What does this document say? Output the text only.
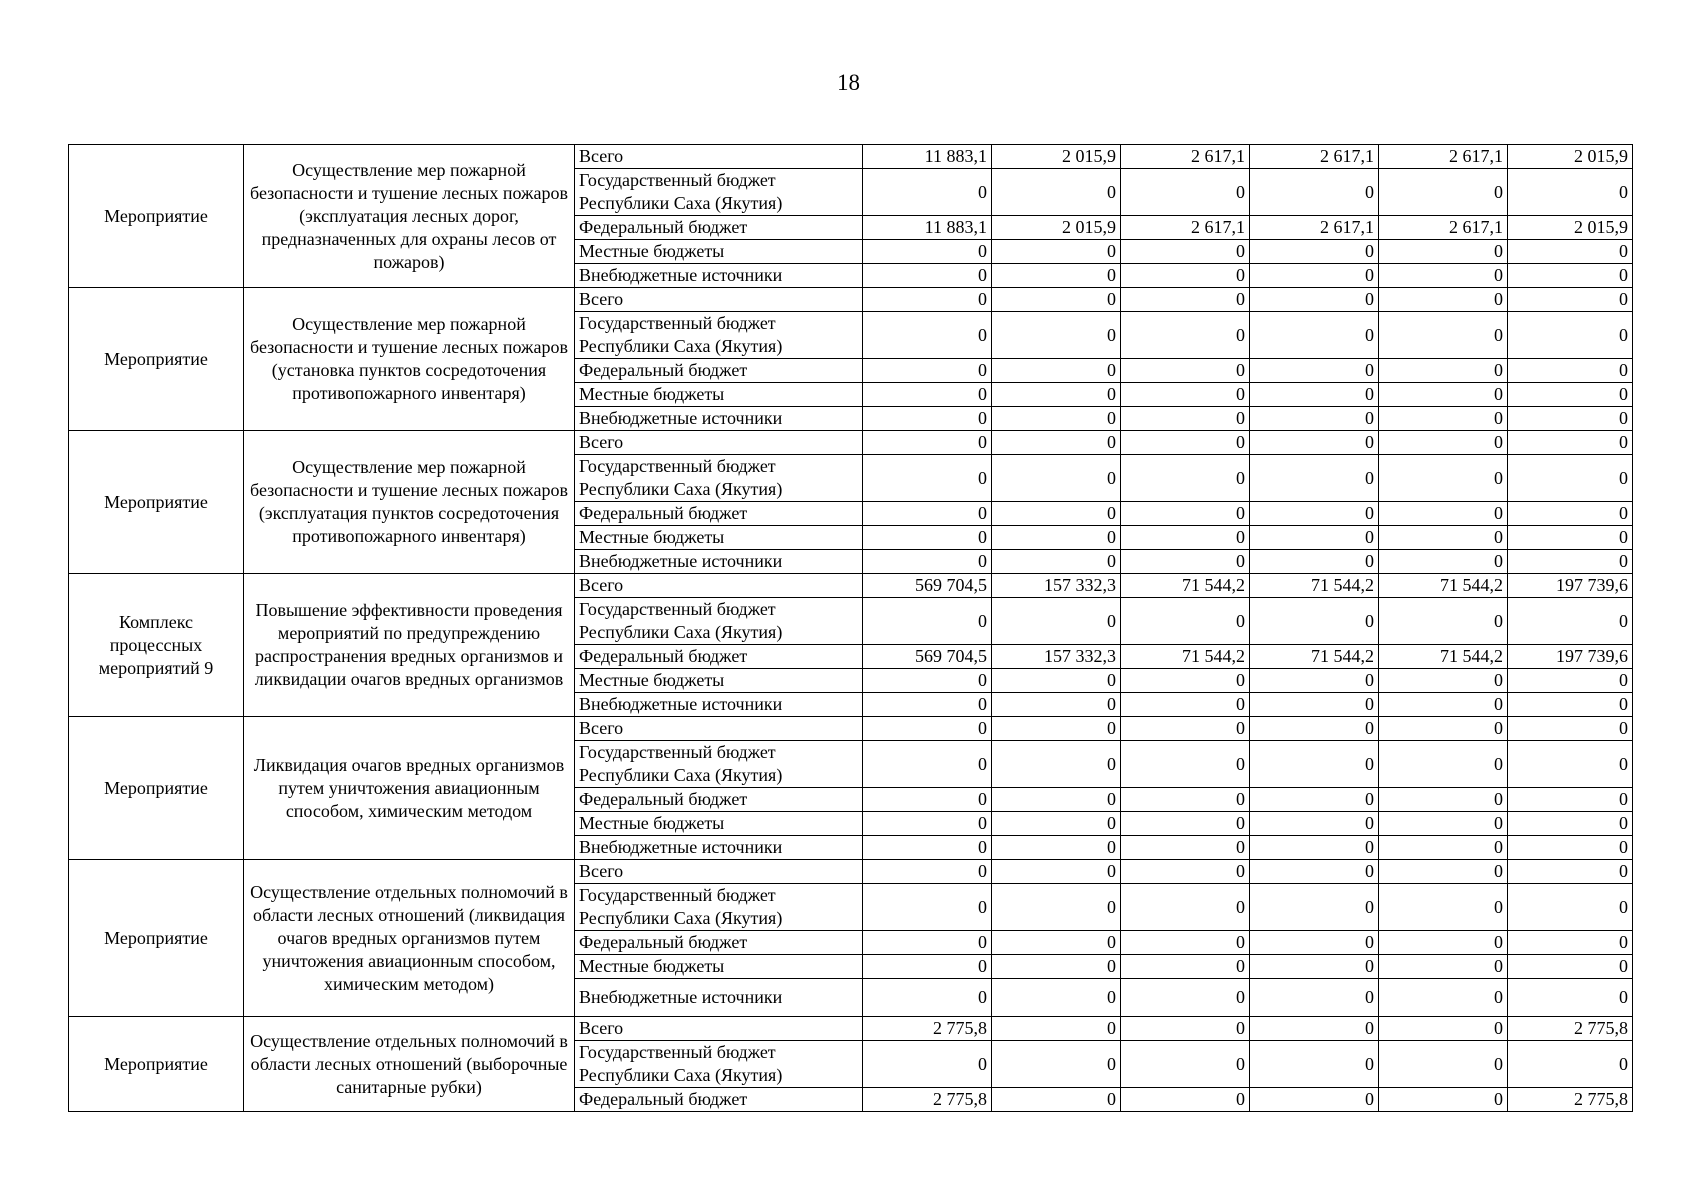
18
Мероприятие	Осуществление мер пожарной безопасности и тушение лесных пожаров (эксплуатация лесных дорог, предназначенных для охраны лесов от пожаров)	Всего	11 883,1	2 015,9	2 617,1	2 617,1	2 617,1	2 015,9
		Государственный бюджет Республики Саха (Якутия)	0	0	0	0	0	0
		Федеральный бюджет	11 883,1	2 015,9	2 617,1	2 617,1	2 617,1	2 015,9
		Местные бюджеты	0	0	0	0	0	0
		Внебюджетные источники	0	0	0	0	0	0
Мероприятие	Осуществление мер пожарной безопасности и тушение лесных пожаров (установка пунктов сосредоточения противопожарного инвентаря)	Всего	0	0	0	0	0	0
		Государственный бюджет Республики Саха (Якутия)	0	0	0	0	0	0
		Федеральный бюджет	0	0	0	0	0	0
		Местные бюджеты	0	0	0	0	0	0
		Внебюджетные источники	0	0	0	0	0	0
Мероприятие	Осуществление мер пожарной безопасности и тушение лесных пожаров (эксплуатация пунктов сосредоточения противопожарного инвентаря)	Всего	0	0	0	0	0	0
		Государственный бюджет Республики Саха (Якутия)	0	0	0	0	0	0
		Федеральный бюджет	0	0	0	0	0	0
		Местные бюджеты	0	0	0	0	0	0
		Внебюджетные источники	0	0	0	0	0	0
Комплекс процессных мероприятий 9	Повышение эффективности проведения мероприятий по предупреждению распространения вредных организмов и ликвидации очагов вредных организмов	Всего	569 704,5	157 332,3	71 544,2	71 544,2	71 544,2	197 739,6
		Государственный бюджет Республики Саха (Якутия)	0	0	0	0	0	0
		Федеральный бюджет	569 704,5	157 332,3	71 544,2	71 544,2	71 544,2	197 739,6
		Местные бюджеты	0	0	0	0	0	0
		Внебюджетные источники	0	0	0	0	0	0
Мероприятие	Ликвидация очагов вредных организмов путем уничтожения авиационным способом, химическим методом	Всего	0	0	0	0	0	0
		Государственный бюджет Республики Саха (Якутия)	0	0	0	0	0	0
		Федеральный бюджет	0	0	0	0	0	0
		Местные бюджеты	0	0	0	0	0	0
		Внебюджетные источники	0	0	0	0	0	0
Мероприятие	Осуществление отдельных полномочий в области лесных отношений (ликвидация очагов вредных организмов путем уничтожения авиационным способом, химическим методом)	Всего	0	0	0	0	0	0
		Государственный бюджет Республики Саха (Якутия)	0	0	0	0	0	0
		Федеральный бюджет	0	0	0	0	0	0
		Местные бюджеты	0	0	0	0	0	0
		Внебюджетные источники	0	0	0	0	0	0
Мероприятие	Осуществление отдельных полномочий в области лесных отношений (выборочные санитарные рубки)	Всего	2 775,8	0	0	0	0	2 775,8
		Государственный бюджет Республики Саха (Якутия)	0	0	0	0	0	0
		Федеральный бюджет	2 775,8	0	0	0	0	2 775,8
